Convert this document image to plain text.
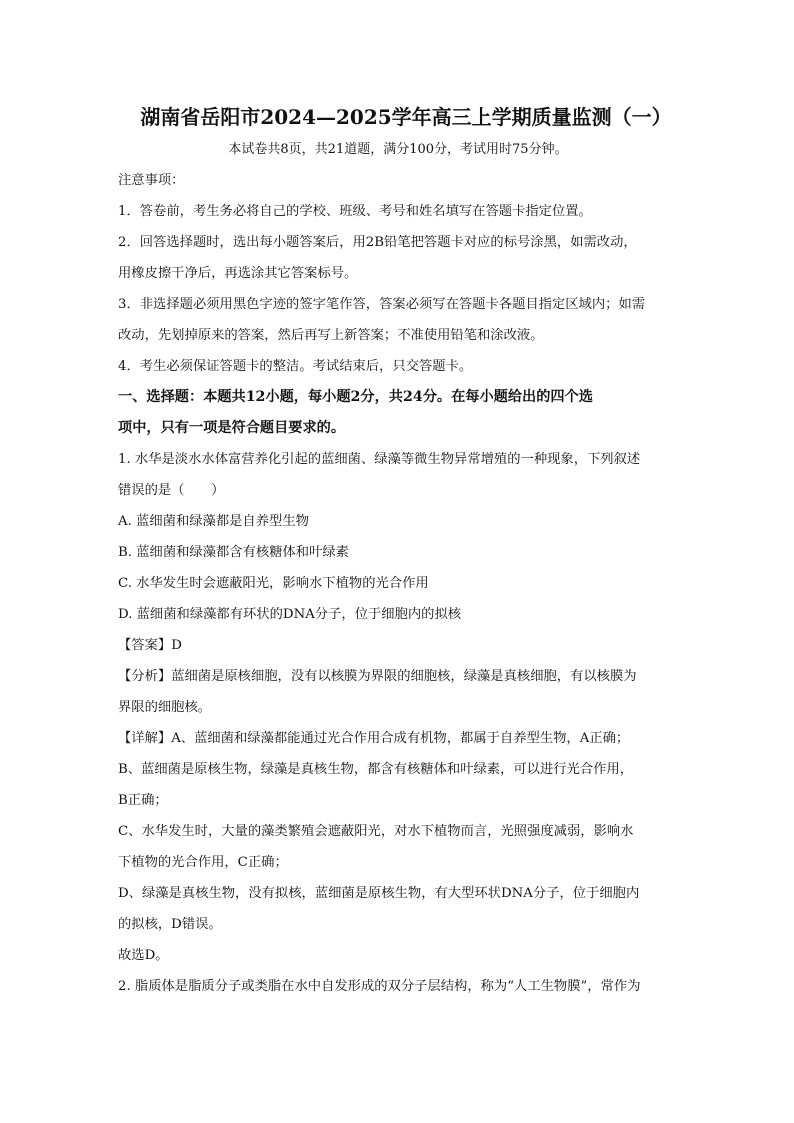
湖南省岳阳市2024—2025学年高三上学期质量监测（一）

本试卷共8页，共21道题，满分100分，考试用时75分钟。

注意事项：

1．答卷前，考生务必将自己的学校、班级、考号和姓名填写在答题卡指定位置。

2．回答选择题时，选出每小题答案后，用2B铅笔把答题卡对应的标号涂黑，如需改动，

用橡皮擦干净后，再选涂其它答案标号。

3．非选择题必须用黑色字迹的签字笔作答，答案必须写在答题卡各题目指定区域内；如需

改动，先划掉原来的答案，然后再写上新答案；不准使用铅笔和涂改液。

4．考生必须保证答题卡的整洁。考试结束后，只交答题卡。

一、选择题：本题共12小题，每小题2分，共24分。在每小题给出的四个选

项中，只有一项是符合题目要求的。

1. 水华是淡水水体富营养化引起的蓝细菌、绿藻等微生物异常增殖的一种现象，下列叙述

错误的是（　　）

A. 蓝细菌和绿藻都是自养型生物

B. 蓝细菌和绿藻都含有核糖体和叶绿素

C. 水华发生时会遮蔽阳光，影响水下植物的光合作用

D. 蓝细菌和绿藻都有环状的DNA分子，位于细胞内的拟核

【答案】D

【分析】蓝细菌是原核细胞，没有以核膜为界限的细胞核，绿藻是真核细胞，有以核膜为

界限的细胞核。

【详解】A、蓝细菌和绿藻都能通过光合作用合成有机物，都属于自养型生物，A正确；

B、蓝细菌是原核生物，绿藻是真核生物，都含有核糖体和叶绿素，可以进行光合作用，

B正确；

C、水华发生时，大量的藻类繁殖会遮蔽阳光，对水下植物而言，光照强度减弱，影响水

下植物的光合作用，C正确；

D、绿藻是真核生物，没有拟核，蓝细菌是原核生物，有大型环状DNA分子，位于细胞内

的拟核，D错误。

故选D。

2. 脂质体是脂质分子或类脂在水中自发形成的双分子层结构，称为“人工生物膜”，常作为
